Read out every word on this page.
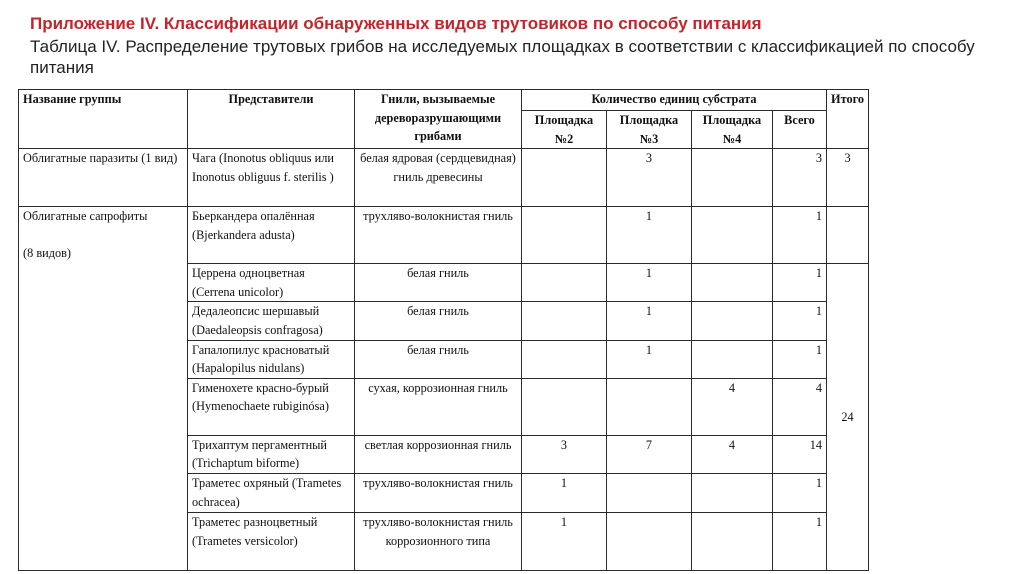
Приложение IV. Классификации обнаруженных видов трутовиков по способу питания

Таблица IV. Распределение трутовых грибов на исследуемых площадках в соответствии с классификацией по способу питания

Название группы	Представители	Гнили, вызываемые дереворазрушающими грибами	Количество единиц субстрата				Итого
			Площадка №2	Площадка №3	Площадка №4	Всего	
Облигатные паразиты (1 вид)	Чага (Inonotus obliquus или Inonotus obliguus f. sterilis )	белая ядровая (сердцевидная) гниль древесины		3		3	3

Облигатные сапрофиты
(8 видов)	Бьеркандера опалённая (Bjerkandera adusta)	трухляво-волокнистая гниль		1		1	
	Церрена одноцветная (Cerrena unicolor)	белая гниль		1		1	24
	Дедалеопсис шершавый (Daedaleopsis confragosa)	белая гниль		1		1	
	Гапалопилус красноватый (Hapalopilus nidulans)	белая гниль		1		1	
	Гименохете красно-бурый (Hymenochaete rubiginósa)	сухая, коррозионная гниль			4	4	
	Трихаптум пергаментный (Trichaptum biforme)	светлая коррозионная гниль	3	7	4	14	
	Траметес охряный (Trametes ochracea)	трухляво-волокнистая гниль	1			1	
	Траметес разноцветный (Trametes versicolor)	трухляво-волокнистая гниль коррозионного типа	1			1	
